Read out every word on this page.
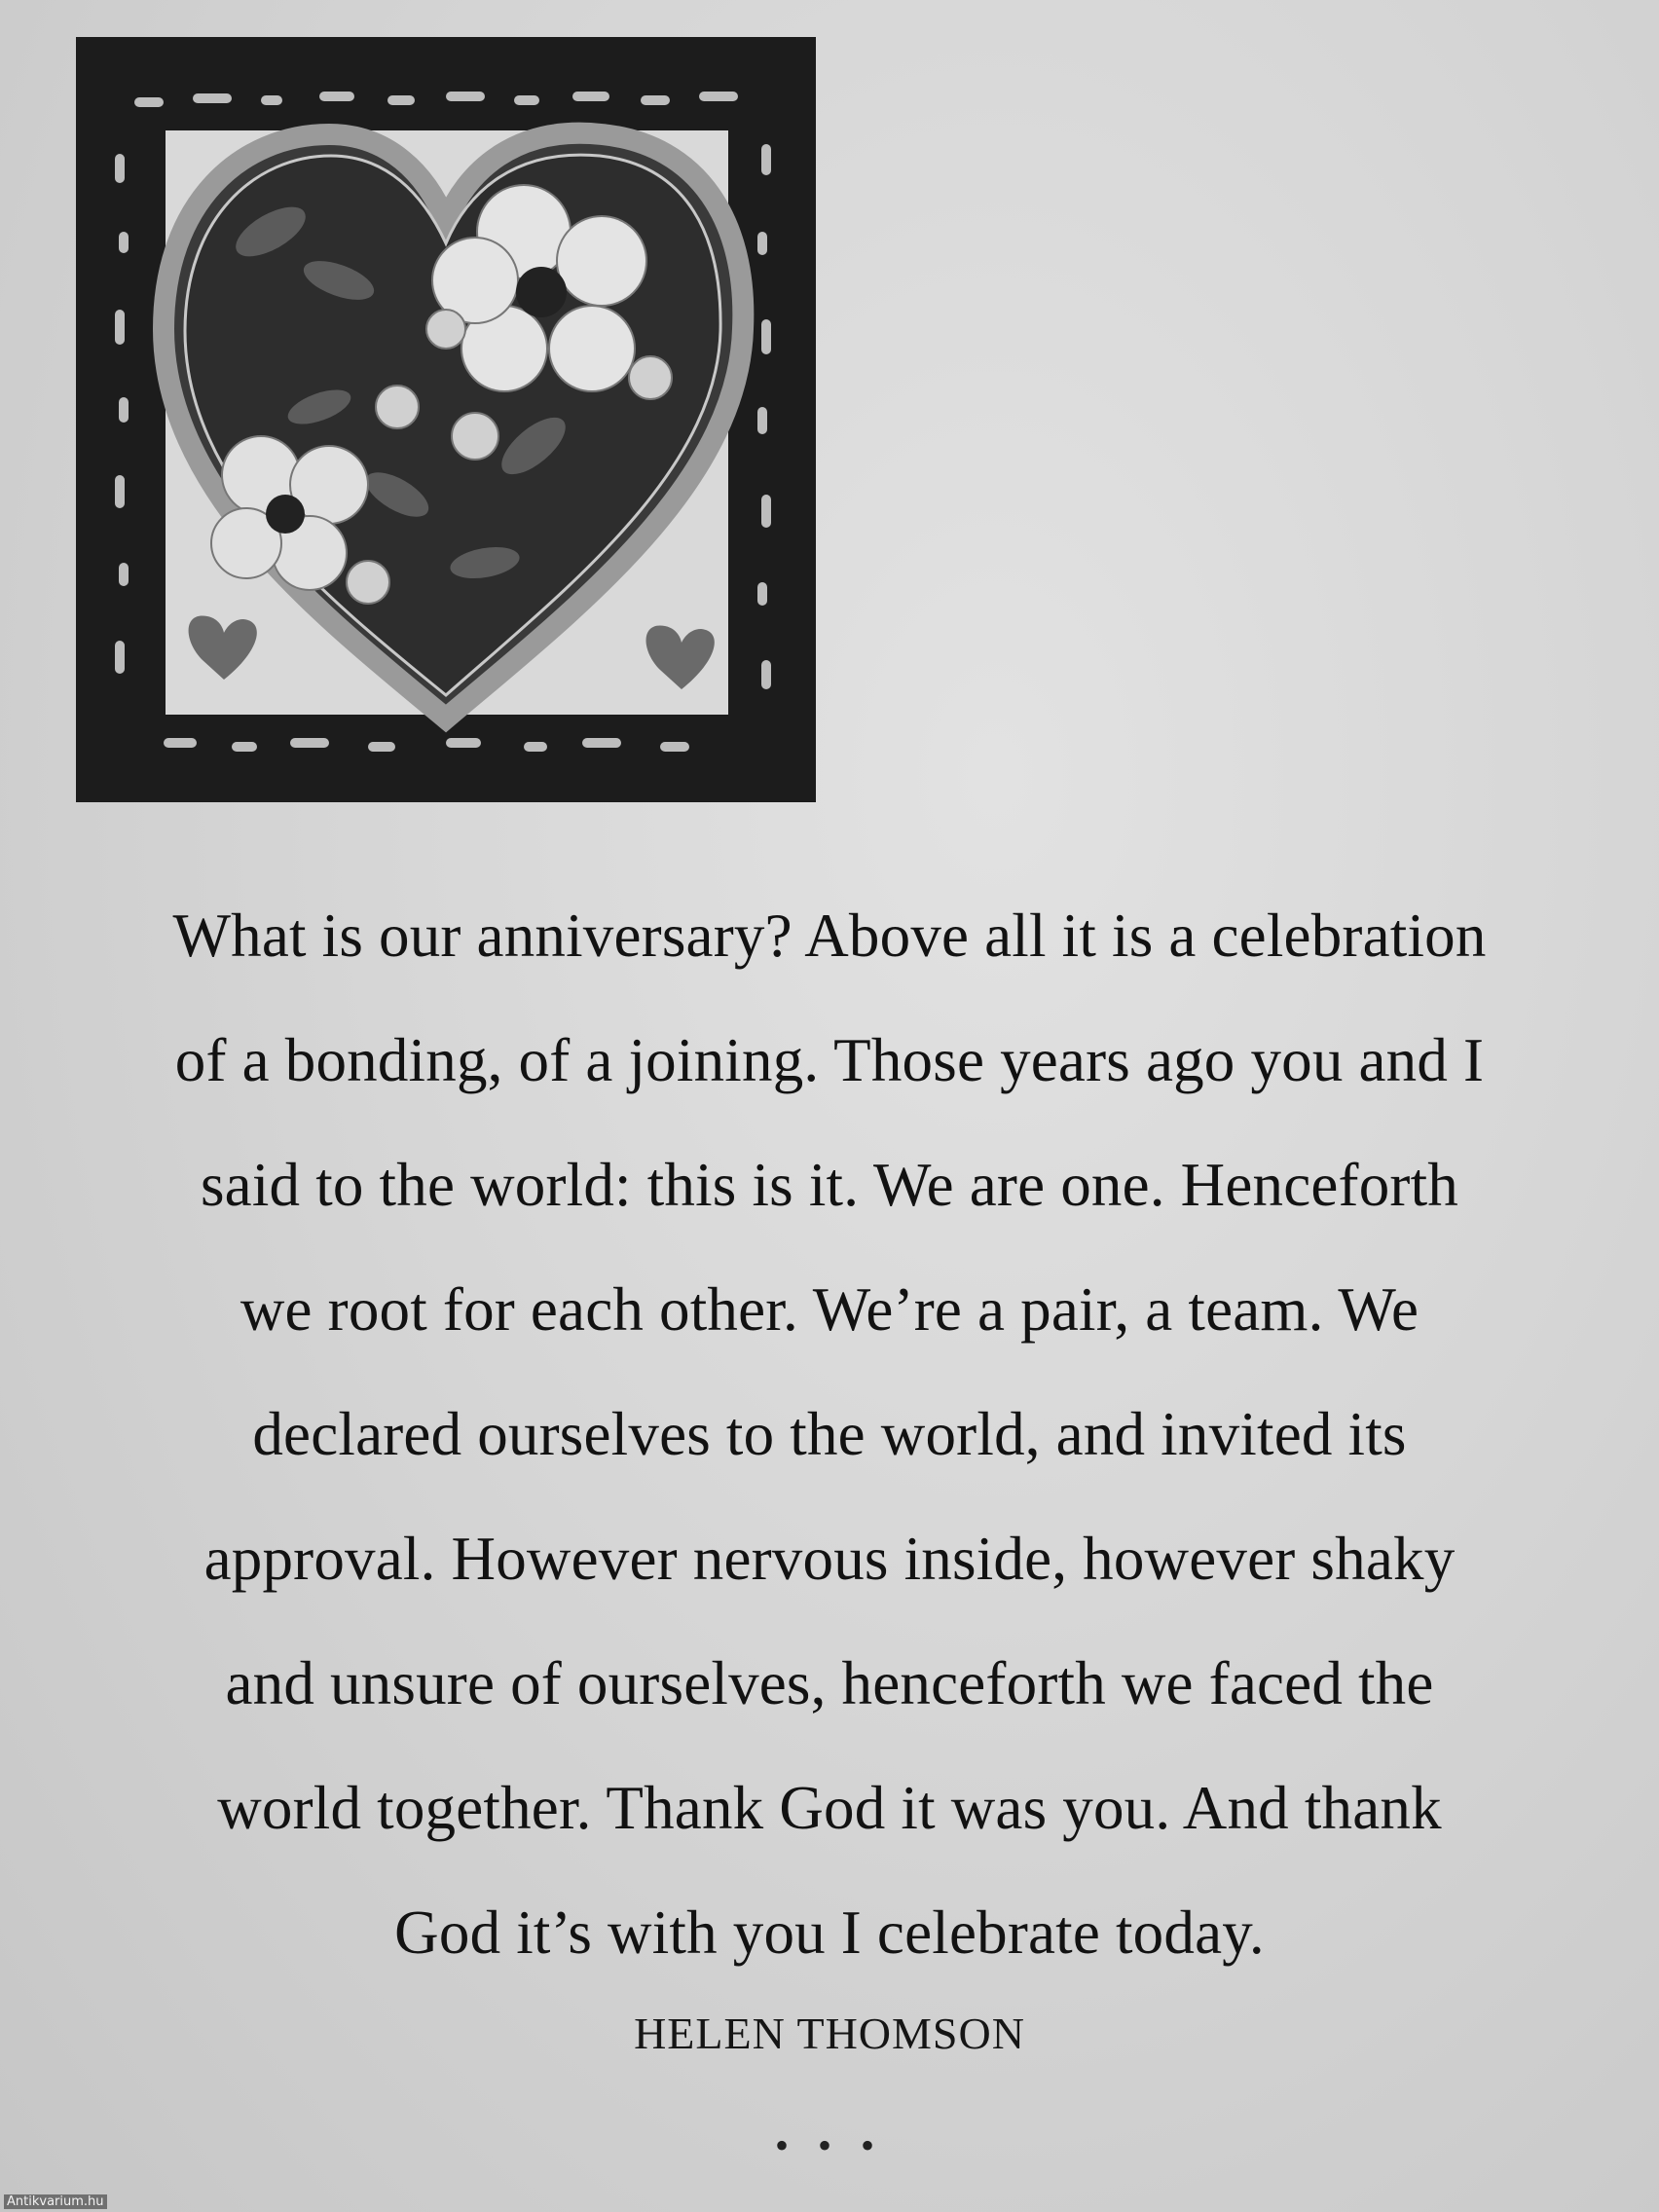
What is our anniversary? Above all it is a celebration
of a bonding, of a joining. Those years ago you and I
said to the world: this is it. We are one. Henceforth
we root for each other. We’re a pair, a team. We
declared ourselves to the world, and invited its
approval. However nervous inside, however shaky
and unsure of ourselves, henceforth we faced the
world together. Thank God it was you. And thank
God it’s with you I celebrate today.
HELEN THOMSON
• • •
Antikvarium.hu
